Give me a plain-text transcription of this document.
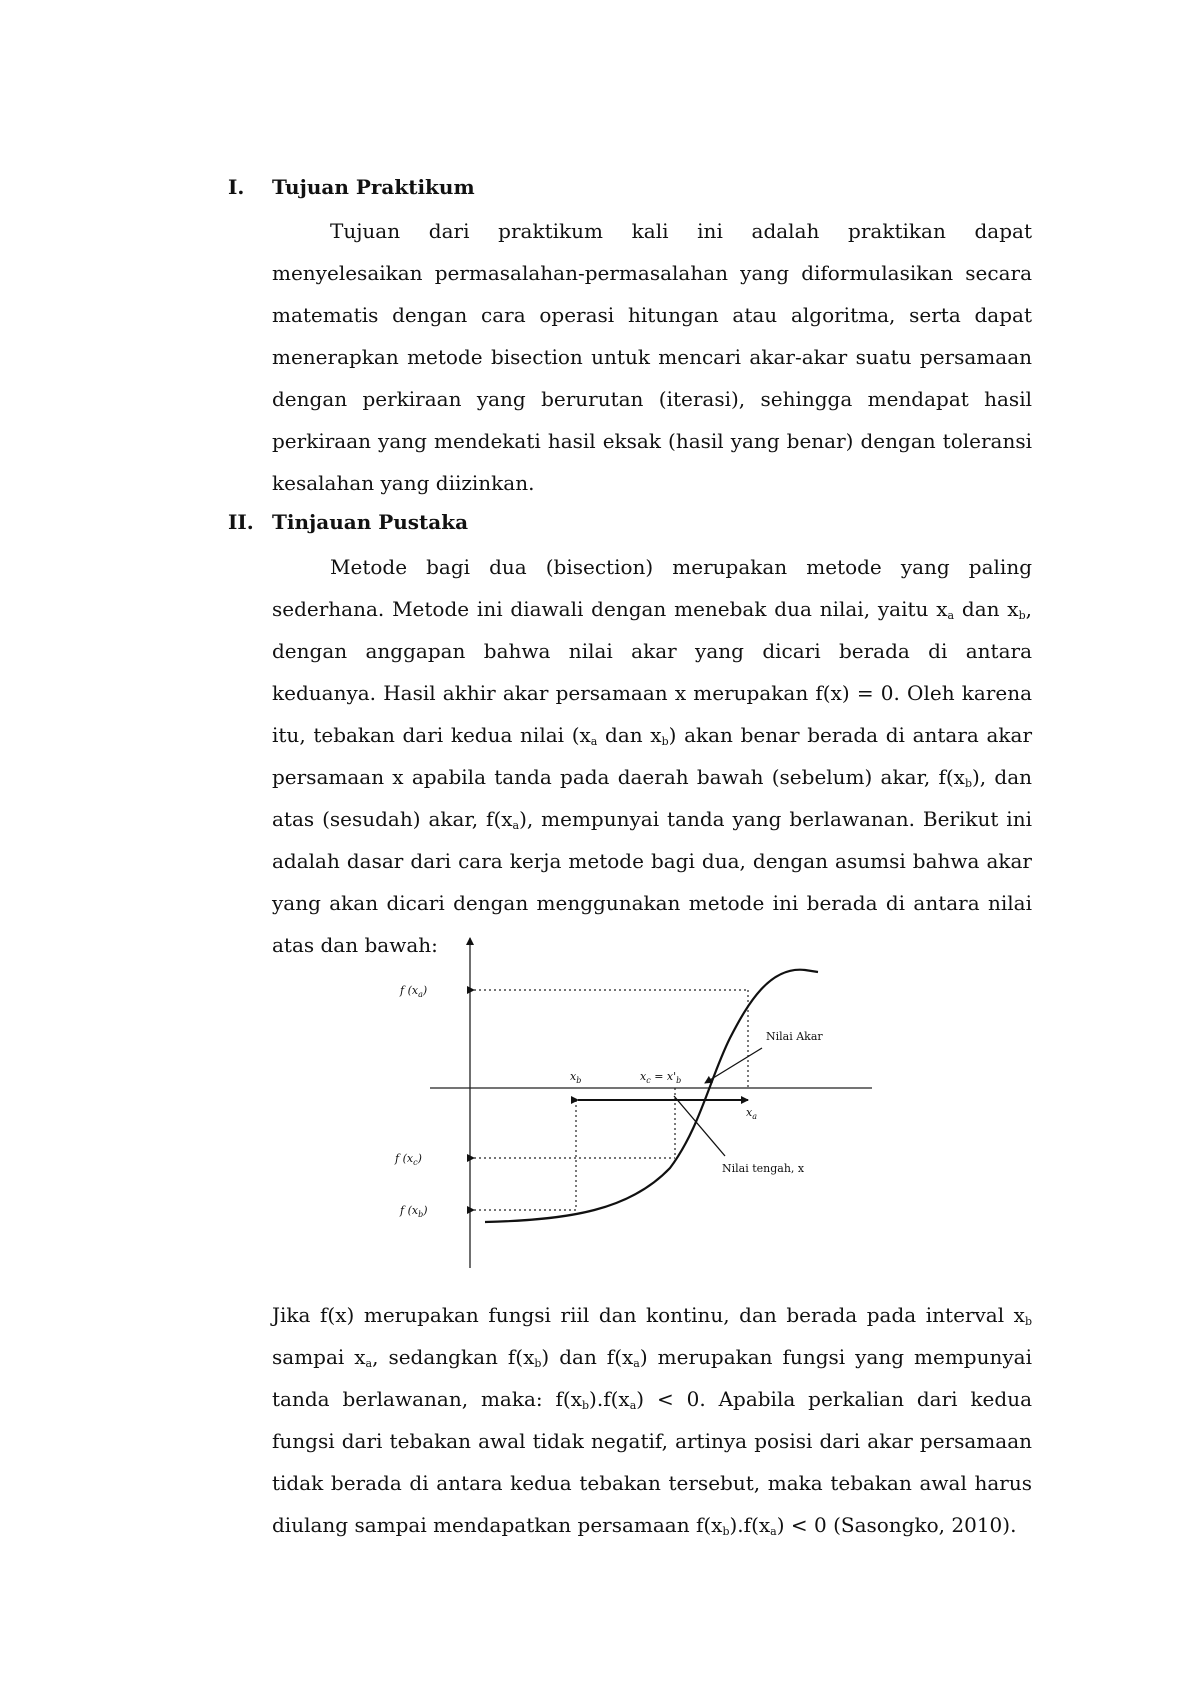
I. Tujuan Praktikum

Tujuan dari praktikum kali ini adalah praktikan dapat menyelesaikan permasalahan-permasalahan yang diformulasikan secara matematis dengan cara operasi hitungan atau algoritma, serta dapat menerapkan metode bisection untuk mencari akar-akar suatu persamaan dengan perkiraan yang berurutan (iterasi), sehingga mendapat hasil perkiraan yang mendekati hasil eksak (hasil yang benar) dengan toleransi kesalahan yang diizinkan.

II. Tinjauan Pustaka

Metode bagi dua (bisection) merupakan metode yang paling sederhana. Metode ini diawali dengan menebak dua nilai, yaitu $x_a$ dan $x_b$, dengan anggapan bahwa nilai akar yang dicari berada di antara keduanya. Hasil akhir akar persamaan x merupakan f(x) = 0. Oleh karena itu, tebakan dari kedua nilai ($x_a$ dan $x_b$) akan benar berada di antara akar persamaan x apabila tanda pada daerah bawah (sebelum) akar, $f(x_b)$, dan atas (sesudah) akar, $f(x_a)$, mempunyai tanda yang berlawanan. Berikut ini adalah dasar dari cara kerja metode bagi dua, dengan asumsi bahwa akar yang akan dicari dengan menggunakan metode ini berada di antara nilai atas dan bawah:

f $(x_a)$
f $(x_c)$
f $(x_b)$
$x_b$	$x_c = x'_b$
$x_a$
Nilai Akar
Nilai tengah, x

Jika f(x) merupakan fungsi riil dan kontinu, dan berada pada interval $x_b$ sampai $x_a$, sedangkan $f(x_b)$ dan $f(x_a)$ merupakan fungsi yang mempunyai tanda berlawanan, maka: $f(x_b).f(x_a) < 0$. Apabila perkalian dari kedua fungsi dari tebakan awal tidak negatif, artinya posisi dari akar persamaan tidak berada di antara kedua tebakan tersebut, maka tebakan awal harus diulang sampai mendapatkan persamaan $f(x_b).f(x_a) < 0$ (Sasongko, 2010).
